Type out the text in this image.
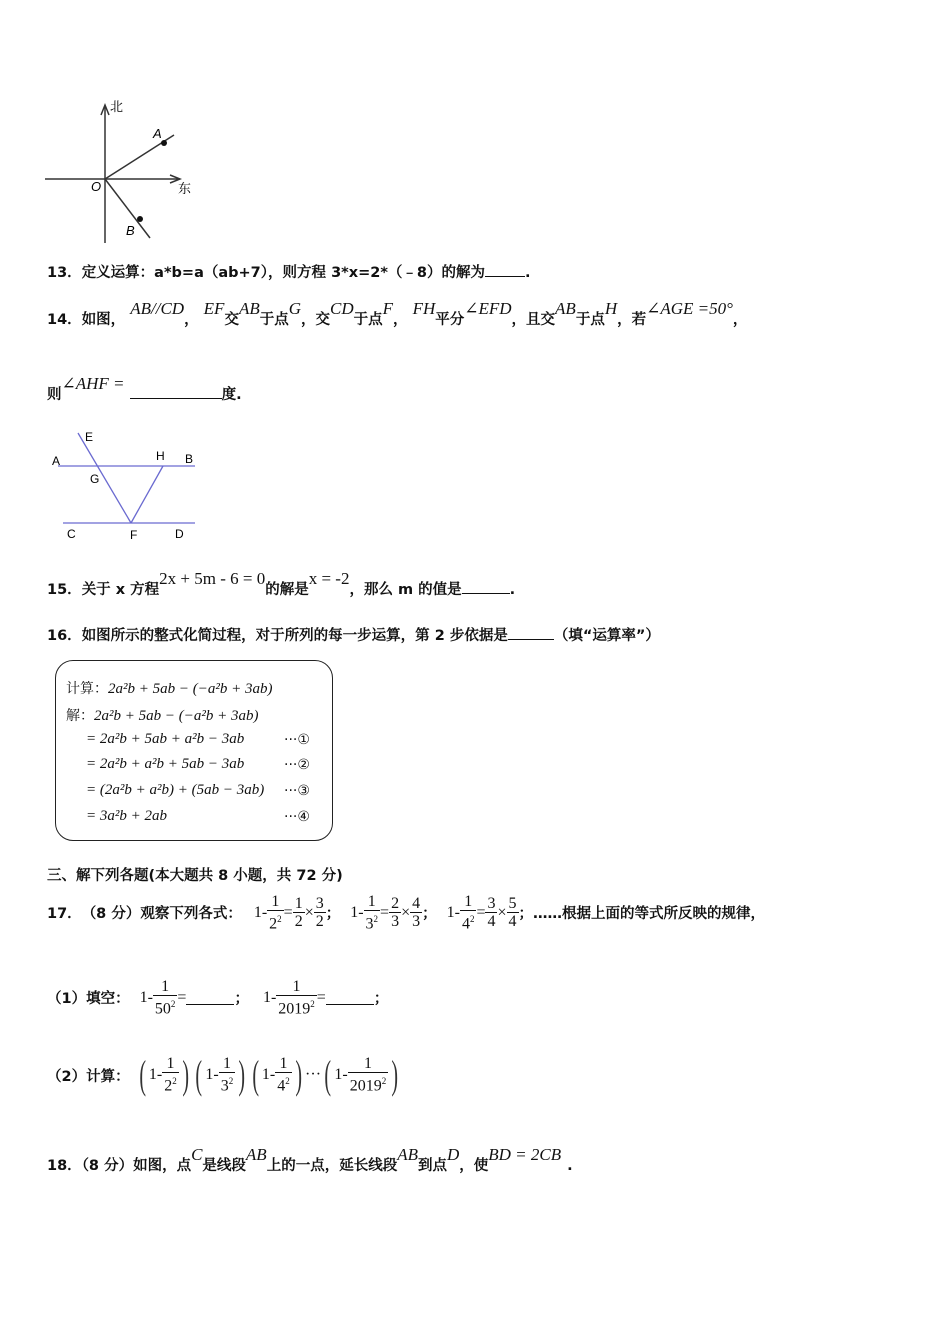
北
东
O
A
B
13．定义运算：a*b=a（ab+7），则方程 3*x=2*（﹣8）的解为	.
14．如图， AB//CD， EF交AB于点G，交CD于点F， FH平分∠EFD，且交AB于点H，若∠AGE =50°，
则∠AHF = 度.
E
A	H B
G
C	F	D
15．关于 x 方程2x + 5m - 6 = 0的解是x = -2，那么 m 的值是	.
16．如图所示的整式化简过程，对于所列的每一步运算，第 2 步依据是	（填“运算率”）
计算：2a²b + 5ab − (−a²b + 3ab)
解：2a²b + 5ab − (−a²b + 3ab)
= 2a²b + 5ab + a²b − 3ab	···①
= 2a²b + a²b + 5ab − 3ab	···②
= (2a²b + a²b) + (5ab − 3ab) ···③
= 3a²b + 2ab	···④
三、解下列各题(本大题共 8 小题，共 72 分)
17． （8 分）观察下列各式： $1- \frac{1}{2^2} = \frac{1}{2} \times \frac{3}{2}$ ； $1- \frac{1}{3^2} = \frac{2}{3} \times \frac{4}{3}$ ； $1- \frac{1}{4^2} = \frac{3}{4} \times \frac{5}{4}$ ；……根据上面的等式所反映的规律，
（1）填空： $1- \frac{1}{50^2}$ =	； $1- \frac{1}{2019^2}$ =	；
（2）计算： ( $1- \frac{1}{2^2}$ ) ( $1- \frac{1}{3^2}$ ) ( $1- \frac{1}{4^2}$ ) ··· ( $1- \frac{1}{2019^2}$ )
18．（8 分）如图，点C是线段AB上的一点，延长线段AB到点D，使BD = 2CB.
